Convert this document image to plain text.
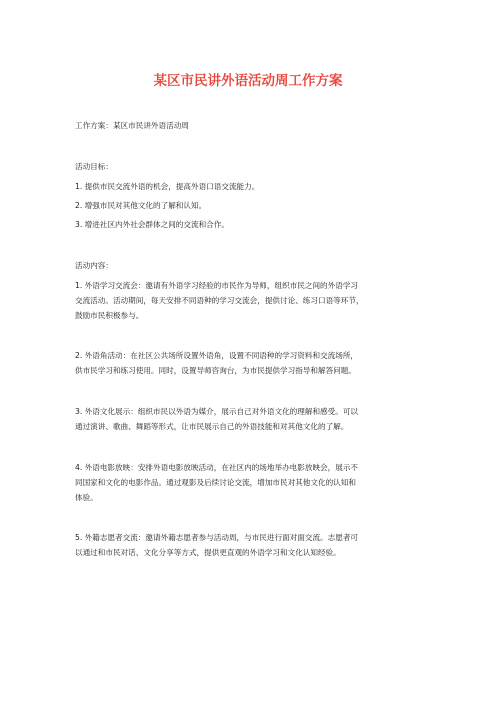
某区市民讲外语活动周工作方案
工作方案：某区市民讲外语活动周
活动目标：
1. 提供市民交流外语的机会，提高外语口语交流能力。
2. 增强市民对其他文化的了解和认知。
3. 增进社区内外社会群体之间的交流和合作。
活动内容：
1. 外语学习交流会：邀请有外语学习经验的市民作为导师，组织市民之间的外语学习
交流活动。活动期间，每天安排不同语种的学习交流会，提供讨论、练习口语等环节，
鼓励市民积极参与。
2. 外语角活动：在社区公共场所设置外语角，设置不同语种的学习资料和交流场所，
供市民学习和练习使用。同时，设置导师咨询台，为市民提供学习指导和解答问题。
3. 外语文化展示：组织市民以外语为媒介，展示自己对外语文化的理解和感受。可以
通过演讲、歌曲、舞蹈等形式，让市民展示自己的外语技能和对其他文化的了解。
4. 外语电影放映：安排外语电影放映活动，在社区内的场地举办电影放映会，展示不
同国家和文化的电影作品。通过观影及后续讨论交流，增加市民对其他文化的认知和
体验。
5. 外籍志愿者交流：邀请外籍志愿者参与活动周，与市民进行面对面交流。志愿者可
以通过和市民对话、文化分享等方式，提供更直观的外语学习和文化认知经验。
